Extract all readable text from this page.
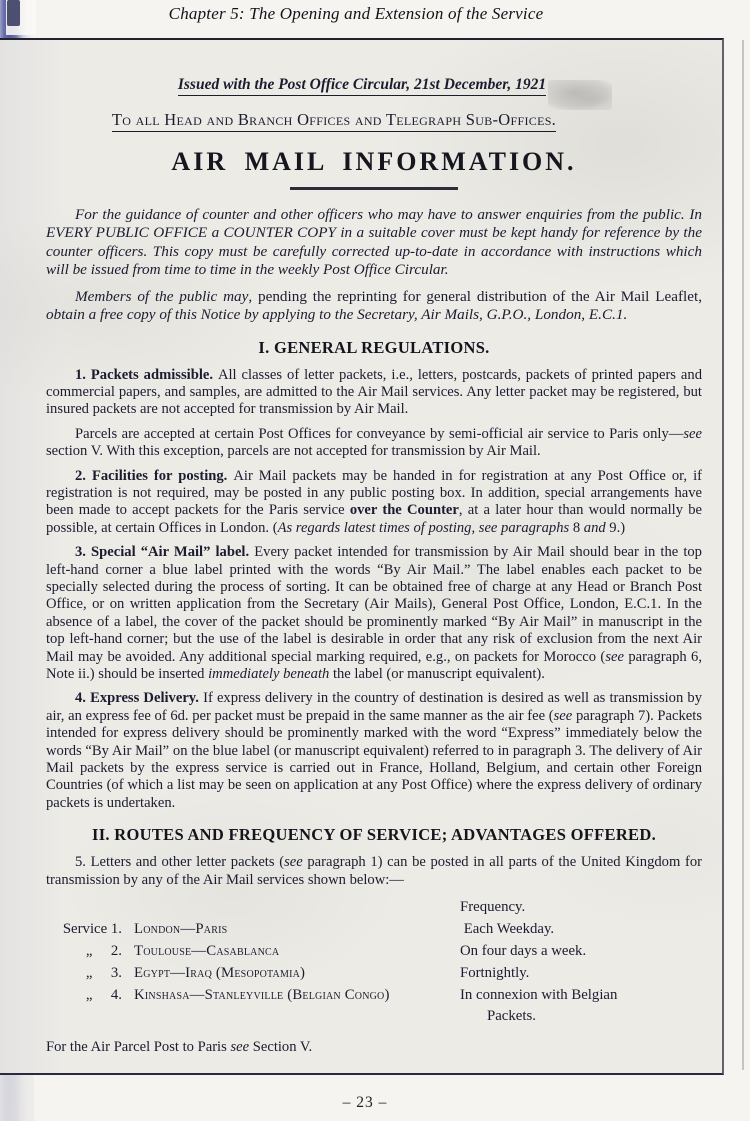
Chapter 5: The Opening and Extension of the Service
Issued with the Post Office Circular, 21st December, 1921
To all Head and Branch Offices and Telegraph Sub-Offices.
AIR MAIL INFORMATION.

For the guidance of counter and other officers who may have to answer enquiries from the public. In EVERY PUBLIC OFFICE a COUNTER COPY in a suitable cover must be kept handy for reference by the counter officers. This copy must be carefully corrected up-to-date in accordance with instructions which will be issued from time to time in the weekly Post Office Circular.

Members of the public may, pending the reprinting for general distribution of the Air Mail Leaflet, obtain a free copy of this Notice by applying to the Secretary, Air Mails, G.P.O., London, E.C.1.

I. GENERAL REGULATIONS.

1. Packets admissible. All classes of letter packets, i.e., letters, postcards, packets of printed papers and commercial papers, and samples, are admitted to the Air Mail services. Any letter packet may be registered, but insured packets are not accepted for transmission by Air Mail.

Parcels are accepted at certain Post Offices for conveyance by semi-official air service to Paris only—see section V. With this exception, parcels are not accepted for transmission by Air Mail.

2. Facilities for posting. Air Mail packets may be handed in for registration at any Post Office or, if registration is not required, may be posted in any public posting box. In addition, special arrangements have been made to accept packets for the Paris service over the Counter, at a later hour than would normally be possible, at certain Offices in London. (As regards latest times of posting, see paragraphs 8 and 9.)

3. Special “Air Mail” label. Every packet intended for transmission by Air Mail should bear in the top left-hand corner a blue label printed with the words “By Air Mail.” The label enables each packet to be specially selected during the process of sorting. It can be obtained free of charge at any Head or Branch Post Office, or on written application from the Secretary (Air Mails), General Post Office, London, E.C.1. In the absence of a label, the cover of the packet should be prominently marked “By Air Mail” in manuscript in the top left-hand corner; but the use of the label is desirable in order that any risk of exclusion from the next Air Mail may be avoided. Any additional special marking required, e.g., on packets for Morocco (see paragraph 6, Note ii.) should be inserted immediately beneath the label (or manuscript equivalent).

4. Express Delivery. If express delivery in the country of destination is desired as well as transmission by air, an express fee of 6d. per packet must be prepaid in the same manner as the air fee (see paragraph 7). Packets intended for express delivery should be prominently marked with the word “Express” immediately below the words “By Air Mail” on the blue label (or manuscript equivalent) referred to in paragraph 3. The delivery of Air Mail packets by the express service is carried out in France, Holland, Belgium, and certain other Foreign Countries (of which a list may be seen on application at any Post Office) where the express delivery of ordinary packets is undertaken.

II. ROUTES AND FREQUENCY OF SERVICE; ADVANTAGES OFFERED.

5. Letters and other letter packets (see paragraph 1) can be posted in all parts of the United Kingdom for transmission by any of the Air Mail services shown below:—

Frequency.
Service 1. London—Paris	Each Weekday.
„     2. Toulouse—Casablanca	On four days a week.
„     3. Egypt—Iraq (Mesopotamia)	Fortnightly.
„     4. Kinshasa—Stanleyville (Belgian Congo)	In connexion with Belgian
Packets.

For the Air Parcel Post to Paris see Section V.

– 23 –
